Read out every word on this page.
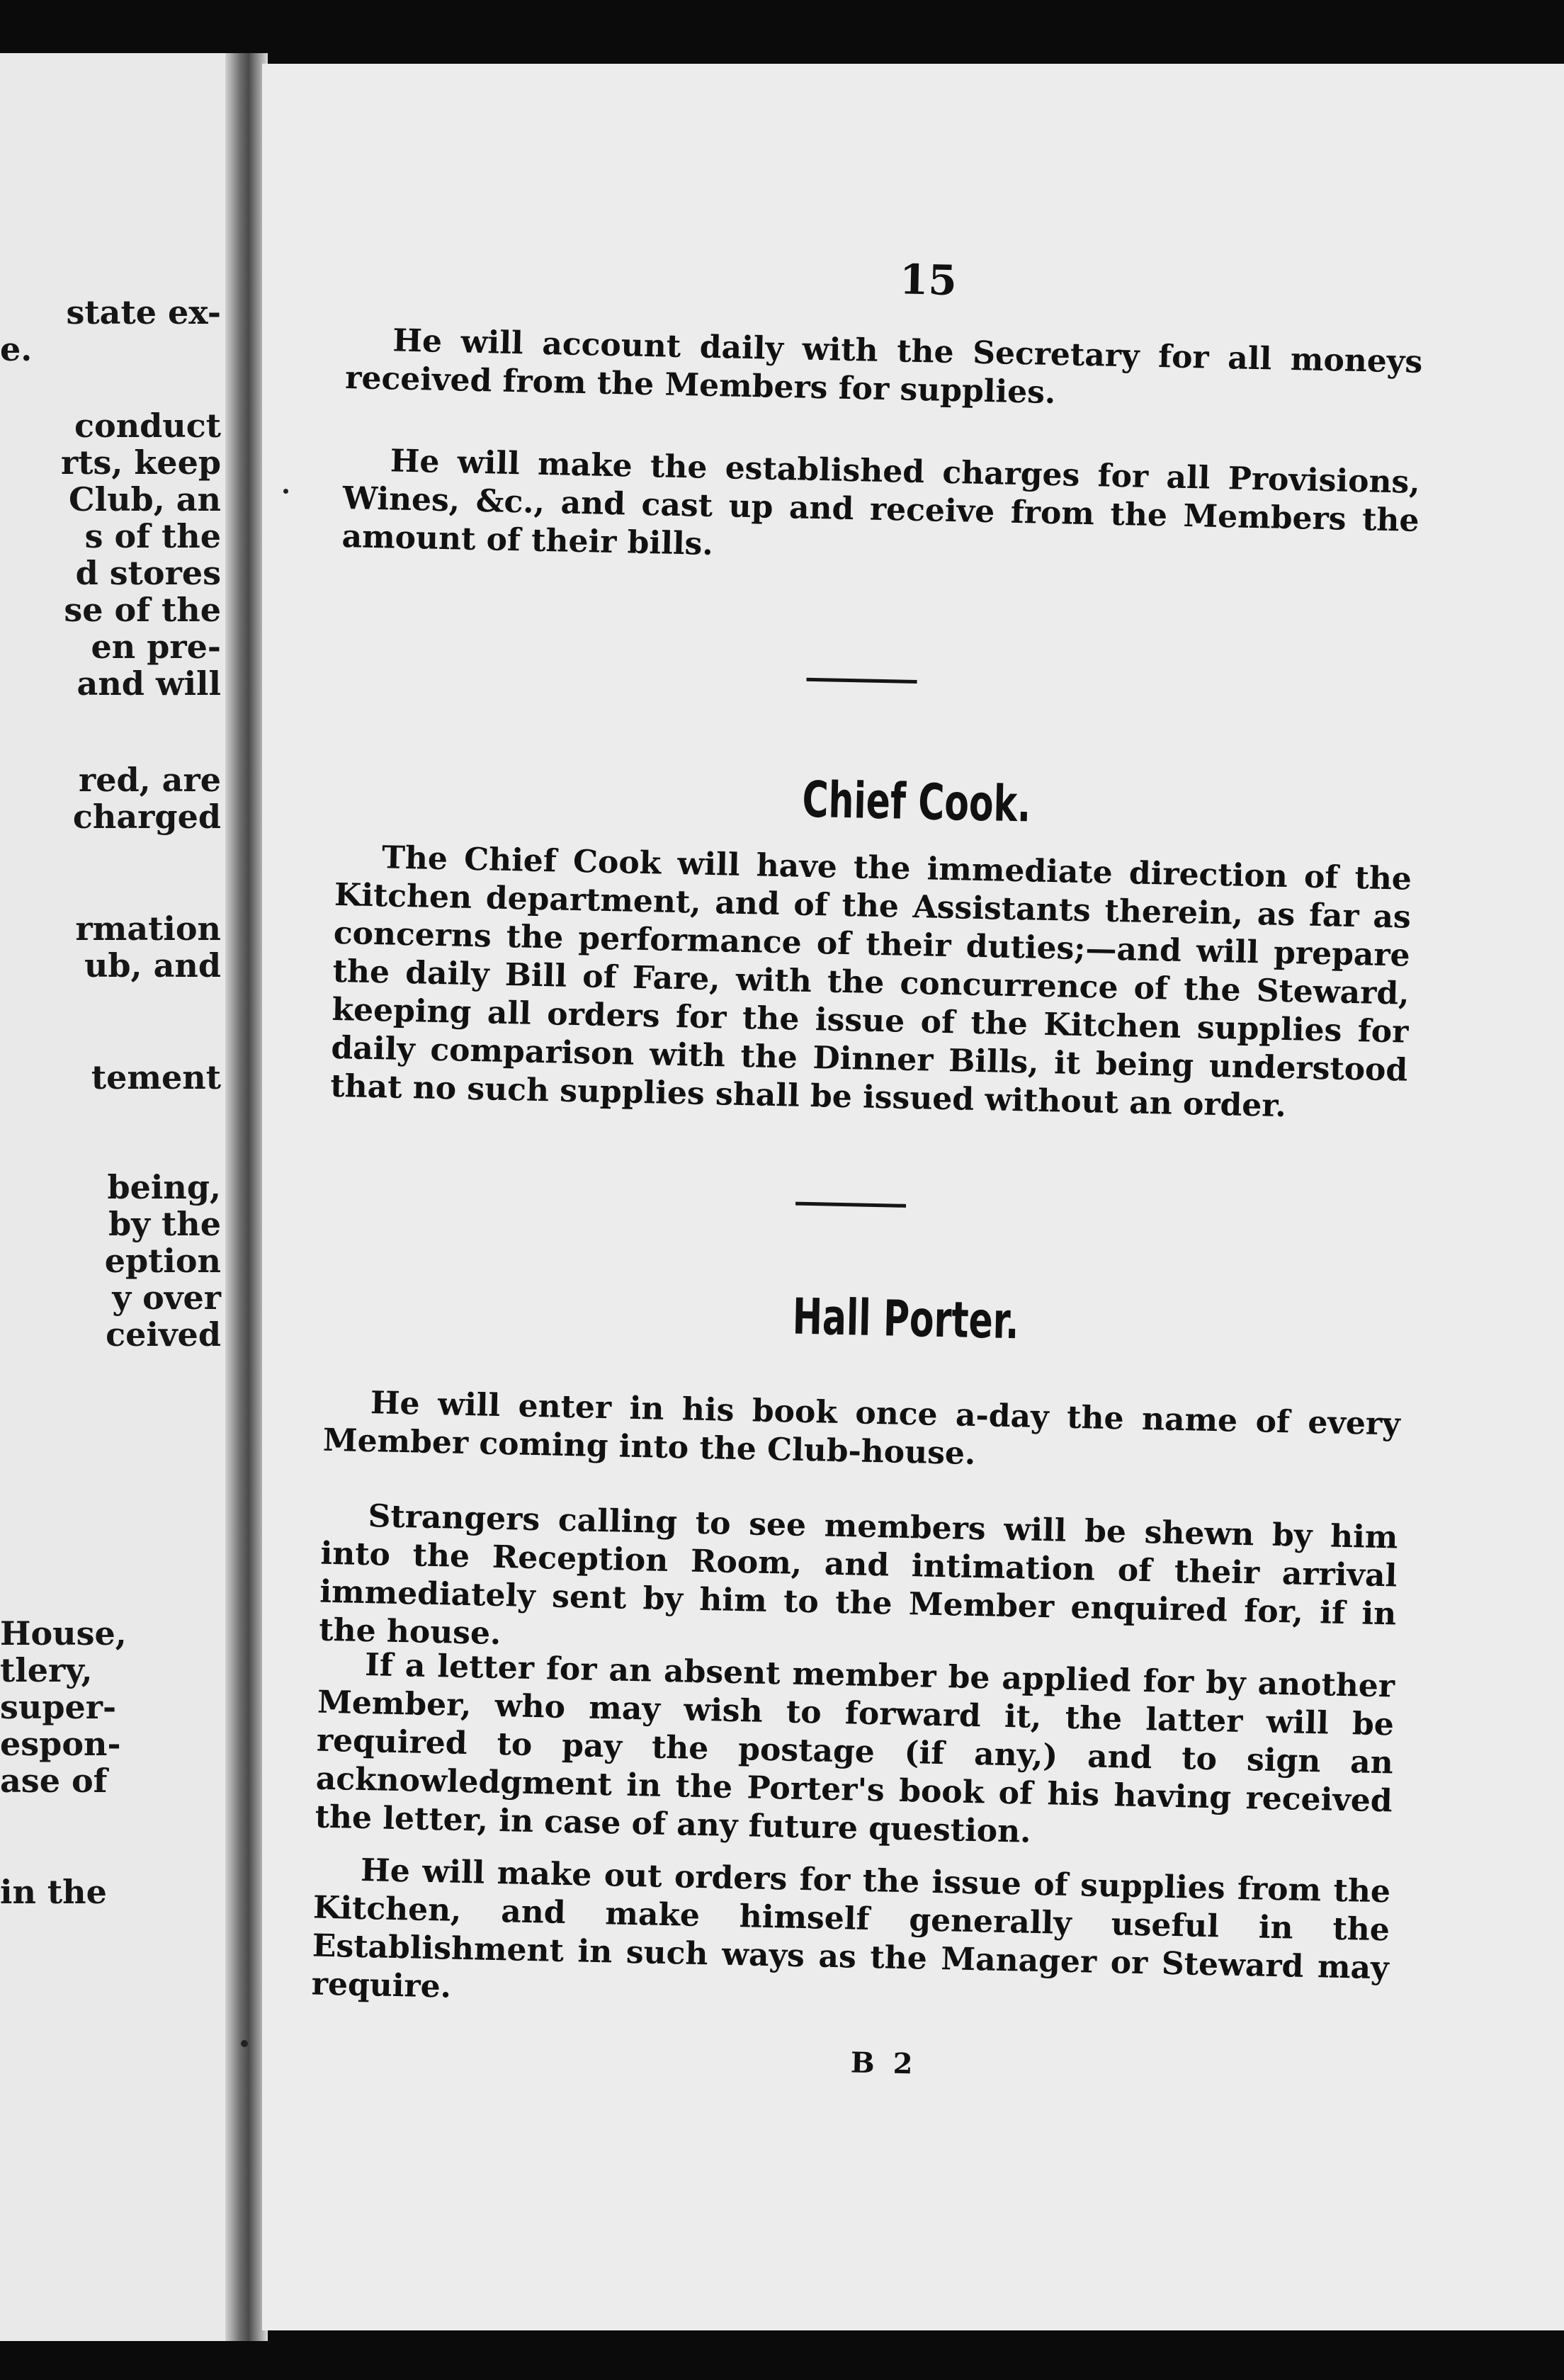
state ex-
e.
conduct
rts, keep
Club, an
s of the
d stores
se of the
en pre-
and will
red, are
charged
rmation
ub, and
tement
being,
by the
eption
y over
ceived
House,
tlery,
super-
espon-
ase of
in the
15
He will account daily with the Secretary for all moneys received from the Members for supplies.
He will make the established charges for all Provisions, Wines, &c., and cast up and receive from the Members the amount of their bills.
Chief Cook.
The Chief Cook will have the immediate direction of the Kitchen department, and of the Assistants therein, as far as concerns the performance of their duties;—and will prepare the daily Bill of Fare, with the concurrence of the Steward, keeping all orders for the issue of the Kitchen supplies for daily comparison with the Dinner Bills, it being understood that no such supplies shall be issued without an order.
Hall Porter.
He will enter in his book once a-day the name of every Member coming into the Club-house.
Strangers calling to see members will be shewn by him into the Reception Room, and intimation of their arrival immediately sent by him to the Member enquired for, if in the house.
If a letter for an absent member be applied for by another Member, who may wish to forward it, the latter will be required to pay the postage (if any,) and to sign an acknowledgment in the Porter's book of his having received the letter, in case of any future question.
He will make out orders for the issue of supplies from the Kitchen, and make himself generally useful in the Establishment in such ways as the Manager or Steward may require.
B 2
